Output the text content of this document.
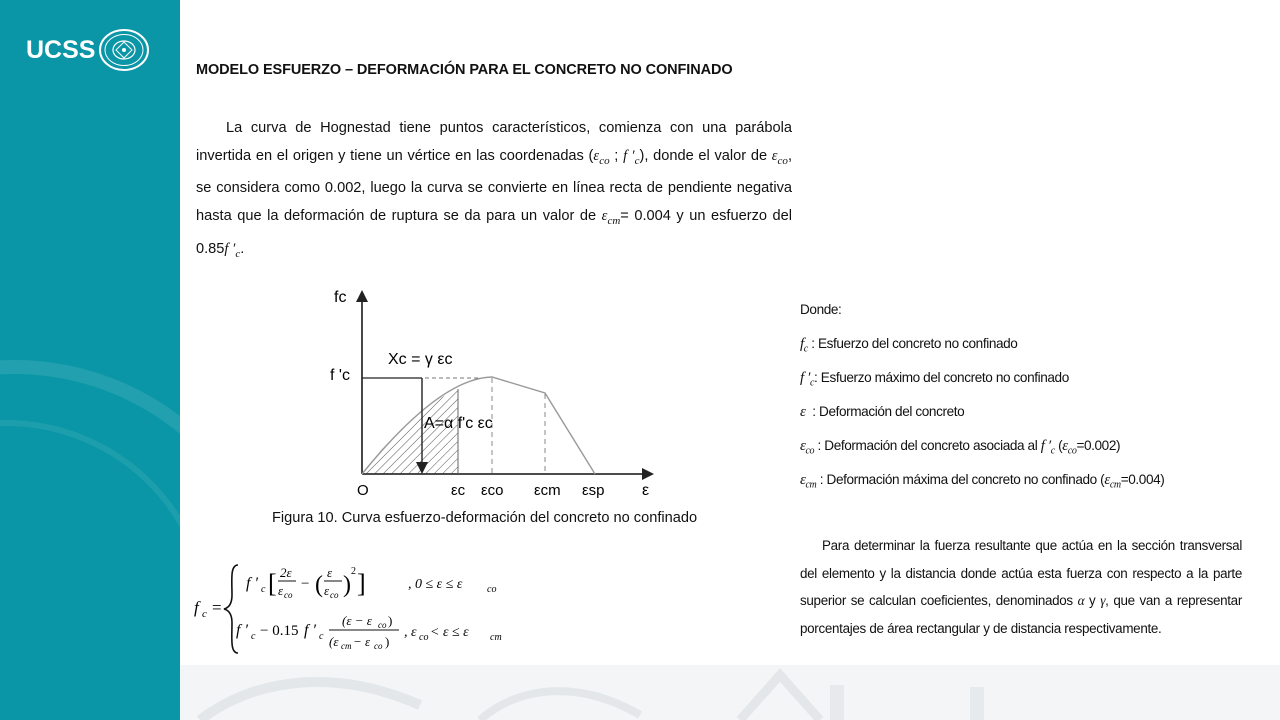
UCSS
MODELO ESFUERZO – DEFORMACIÓN PARA EL CONCRETO NO CONFINADO

La curva de Hognestad tiene puntos característicos, comienza con una parábola invertida en el origen y tiene un vértice en las coordenadas ($\varepsilon_{co}$ ; f $'_c$), donde el valor de $\varepsilon_{co}$, se considera como 0.002, luego la curva se convierte en línea recta de pendiente negativa hasta que la deformación de ruptura se da para un valor de $\varepsilon_{cm}= 0.004$ y un esfuerzo del 0.85f $'_c$.

fc
f 'c
Xc = γ εc
A=α f'c εc
O	εc εco εcm εsp ε
Figura 10. Curva esfuerzo-deformación del concreto no confinado
f c =
f ′ c [ 2ε
ε co
− ( ε
ε co )
2 ]	, 0 ≤ ε ≤ ε co
f ′ c − 0.15 f ′ c
(ε − ε co )
(ε cm − ε co )
, ε co < ε ≤ ε cm
Donde:
$f_c$ : Esfuerzo del concreto no confinado
f $'_c$: Esfuerzo máximo del concreto no confinado
ε  : Deformación del concreto
$\varepsilon_{co}$ : Deformación del concreto asociada al f $'_c$ $(\varepsilon_{co}=0.002)$
$\varepsilon_{cm}$ : Deformación máxima del concreto no confinado $(\varepsilon_{cm}=0.004)$

Para determinar la fuerza resultante que actúa en la sección transversal del elemento y la distancia donde actúa esta fuerza con respecto a la parte superior se calculan coeficientes, denominados α y γ, que van a representar porcentajes de área rectangular y de distancia respectivamente.
